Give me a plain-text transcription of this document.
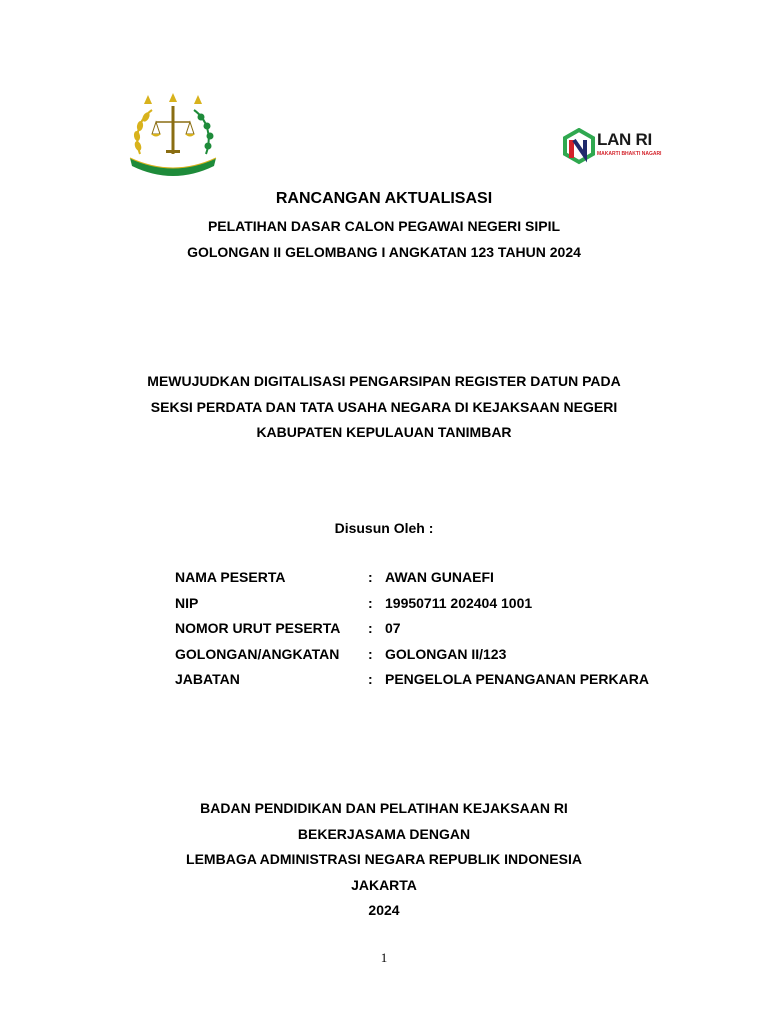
LAN RI
MAKARTI BHAKTI NAGARI
RANCANGAN AKTUALISASI
PELATIHAN DASAR CALON PEGAWAI NEGERI SIPIL
GOLONGAN II GELOMBANG I ANGKATAN 123 TAHUN 2024
MEWUJUDKAN DIGITALISASI PENGARSIPAN REGISTER DATUN PADA
SEKSI PERDATA DAN TATA USAHA NEGARA DI KEJAKSAAN NEGERI
KABUPATEN KEPULAUAN TANIMBAR
Disusun Oleh :
NAMA PESERTA	: AWAN GUNAEFI
NIP	: 19950711 202404 1001
NOMOR URUT PESERTA : 07
GOLONGAN/ANGKATAN : GOLONGAN II/123
JABATAN	: PENGELOLA PENANGANAN PERKARA
BADAN PENDIDIKAN DAN PELATIHAN KEJAKSAAN RI
BEKERJASAMA DENGAN
LEMBAGA ADMINISTRASI NEGARA REPUBLIK INDONESIA
JAKARTA
2024
1
